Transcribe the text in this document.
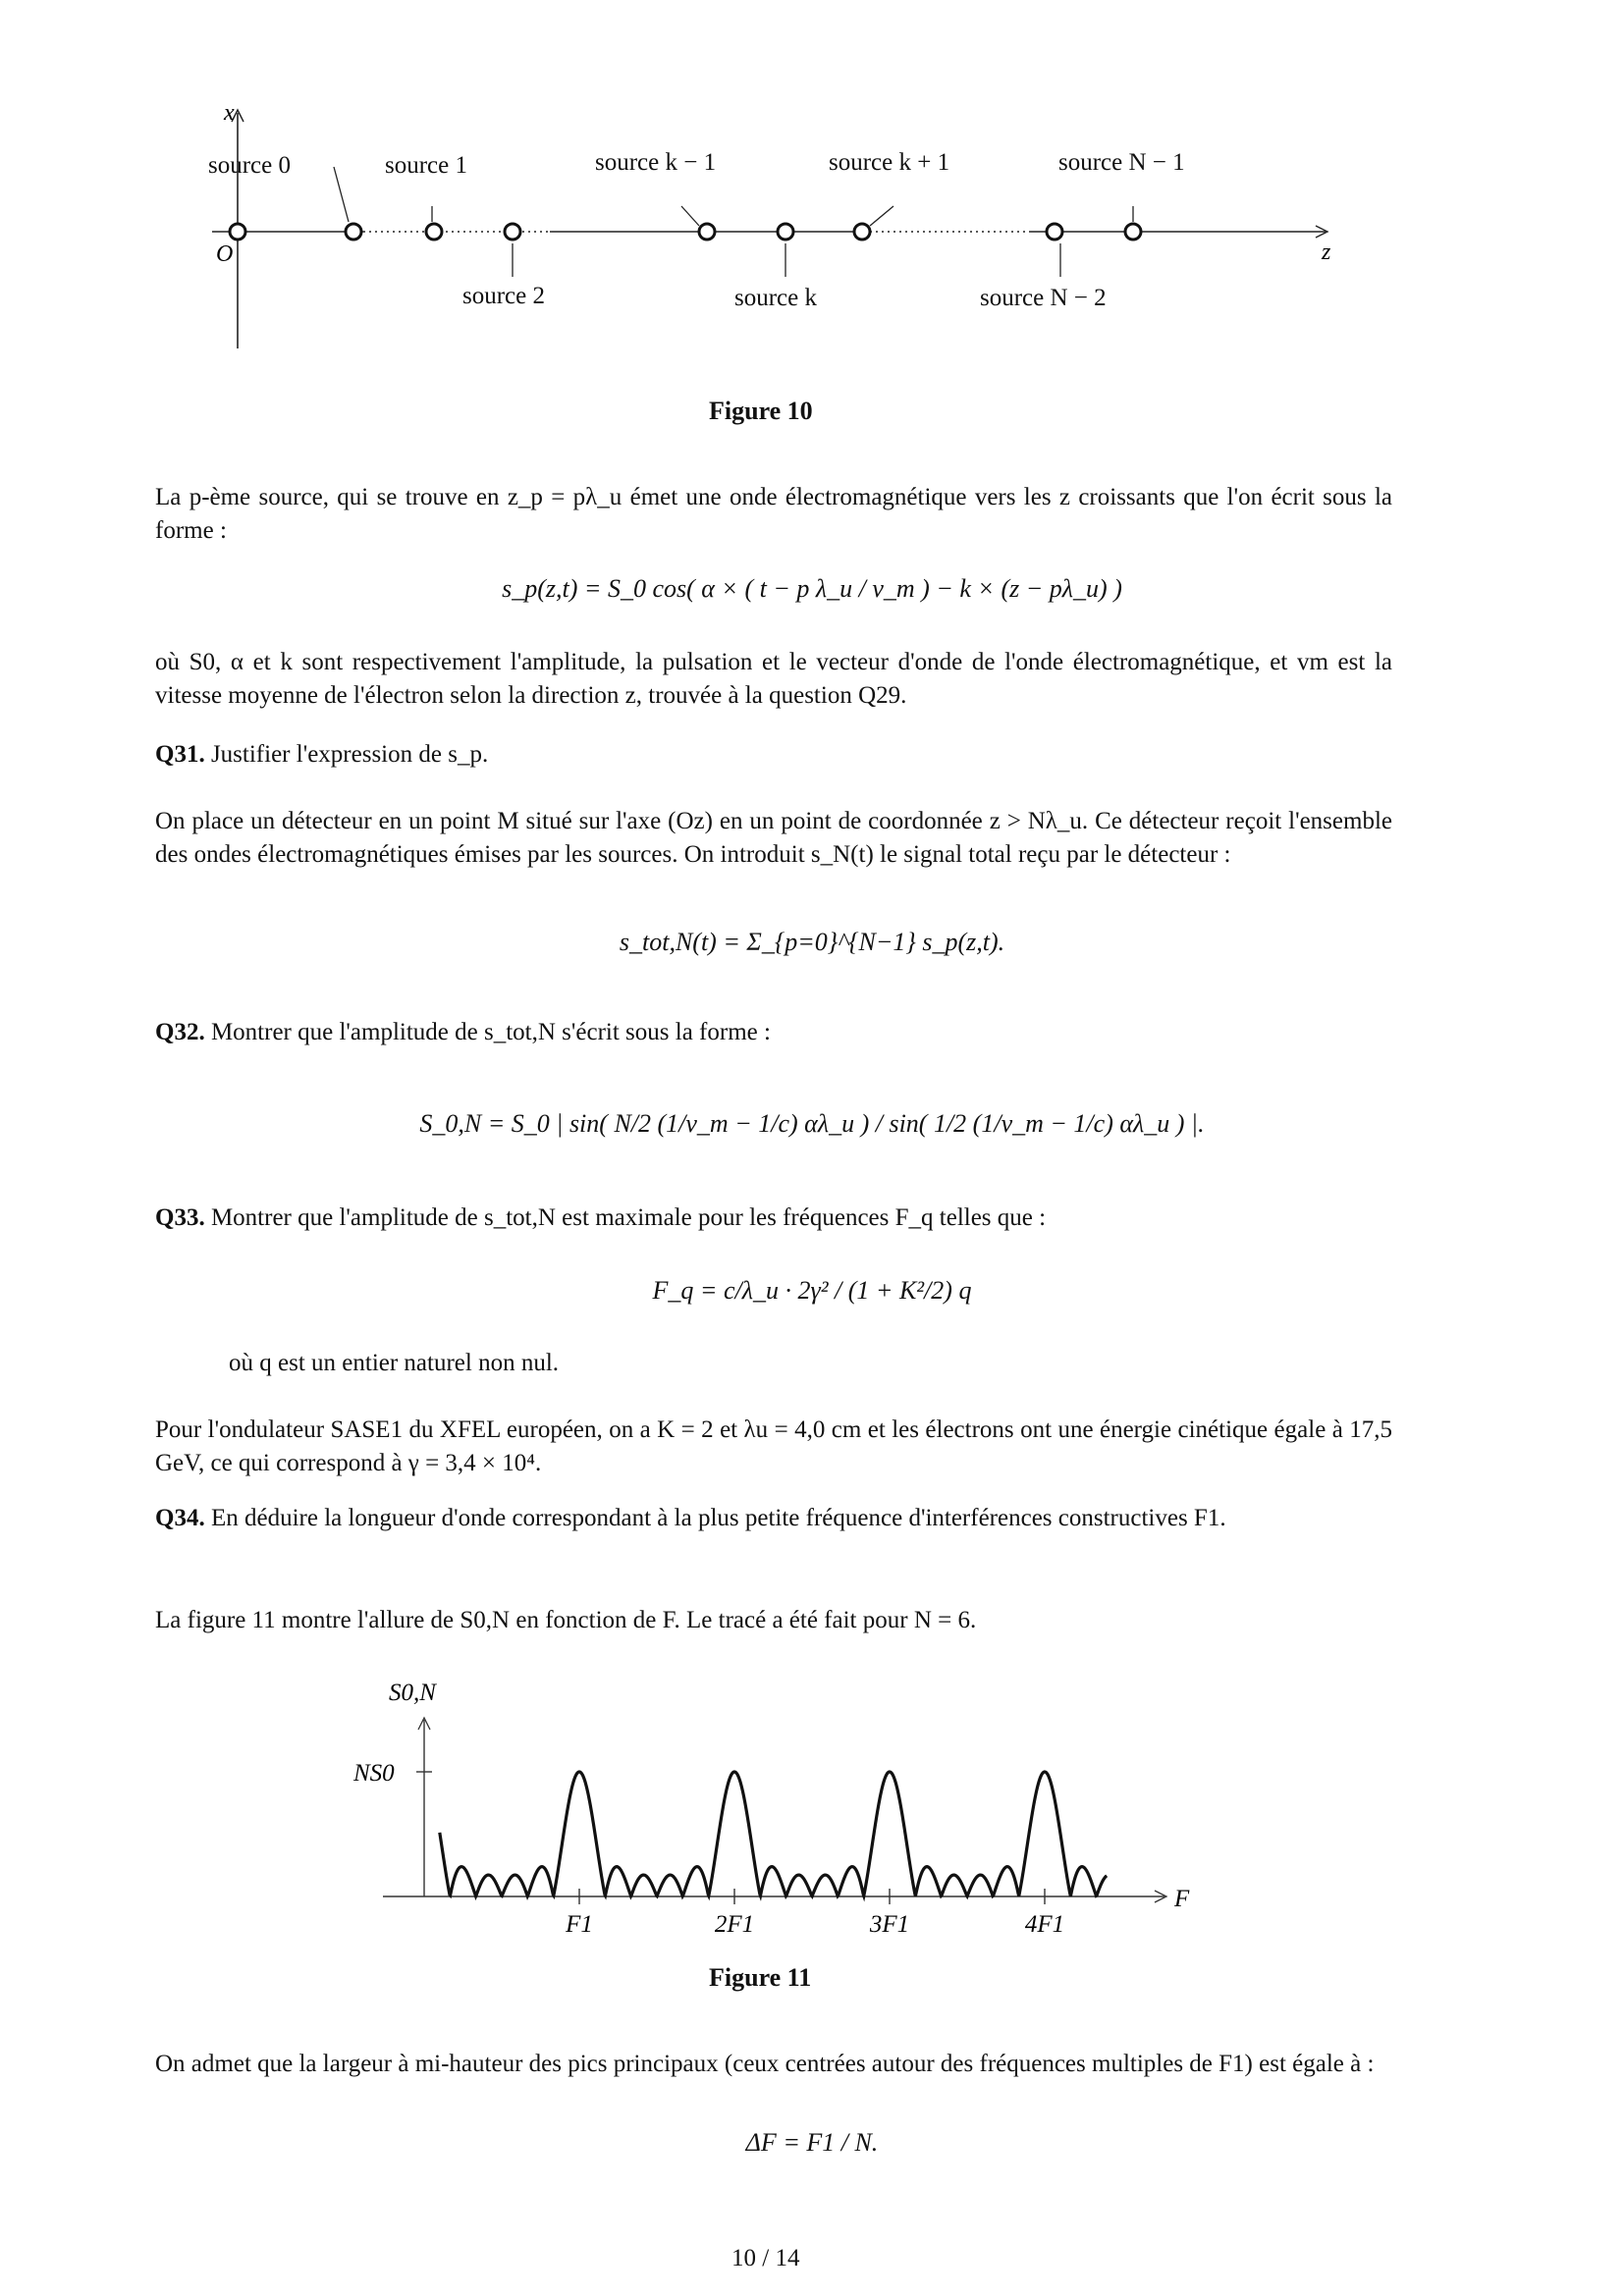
x
z
O
source 0	source 1	source k − 1	source k + 1	source N − 1
source 2	source k	source N − 2
Figure 10
La p-ème source, qui se trouve en z_p = pλ_u émet une onde électromagnétique vers les z croissants que l'on écrit sous la forme :
s_p(z,t) = S_0 cos( α × ( t − p λ_u / v_m ) − k × (z − pλ_u) )
où S0, α et k sont respectivement l'amplitude, la pulsation et le vecteur d'onde de l'onde électromagnétique, et vm est la vitesse moyenne de l'électron selon la direction z, trouvée à la question Q29.
Q31. Justifier l'expression de s_p.
On place un détecteur en un point M situé sur l'axe (Oz) en un point de coordonnée z > Nλ_u. Ce détecteur reçoit l'ensemble des ondes électromagnétiques émises par les sources. On introduit s_N(t) le signal total reçu par le détecteur :
s_tot,N(t) = Σ_{p=0}^{N−1} s_p(z,t).
Q32. Montrer que l'amplitude de s_tot,N s'écrit sous la forme :
S_0,N = S_0 | sin( N/2 (1/v_m − 1/c) αλ_u ) / sin( 1/2 (1/v_m − 1/c) αλ_u ) |.
Q33. Montrer que l'amplitude de s_tot,N est maximale pour les fréquences F_q telles que :
F_q = c/λ_u · 2γ² / (1 + K²/2) q
où q est un entier naturel non nul.
Pour l'ondulateur SASE1 du XFEL européen, on a K = 2 et λu = 4,0 cm et les électrons ont une énergie cinétique égale à 17,5 GeV, ce qui correspond à γ = 3,4 × 10⁴.
Q34. En déduire la longueur d'onde correspondant à la plus petite fréquence d'interférences constructives F1.
La figure 11 montre l'allure de S0,N en fonction de F. Le tracé a été fait pour N = 6.
F1	2F1	3F1	4F1
NS0
S0,N
F
Figure 11
On admet que la largeur à mi-hauteur des pics principaux (ceux centrées autour des fréquences multiples de F1) est égale à :
ΔF = F1 / N.
10 / 14
